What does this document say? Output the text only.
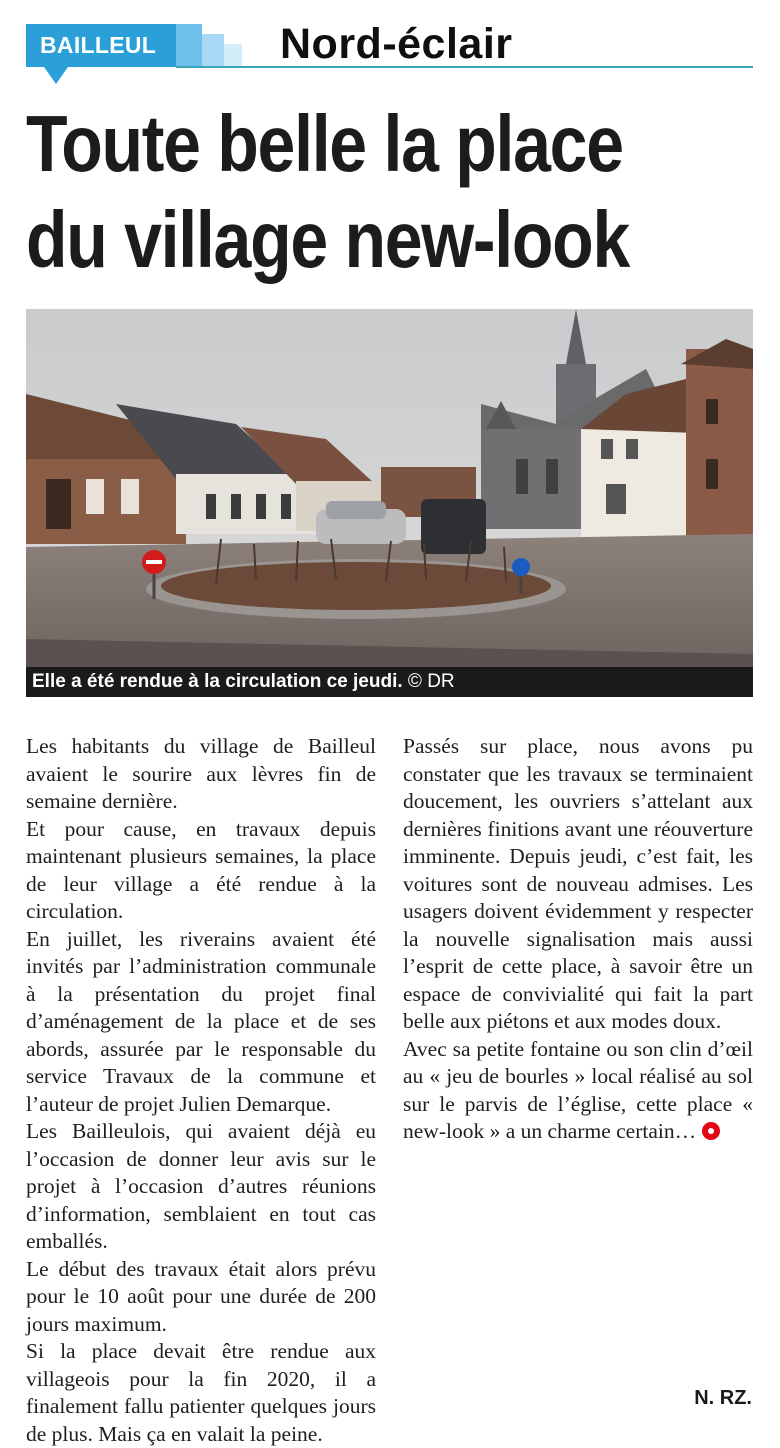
BAILLEUL	Nord-éclair
Toute belle la place du village new-look
Elle a été rendue à la circulation ce jeudi. © DR

Les habitants du village de Bailleul avaient le sourire aux lèvres fin de semaine dernière.

Et pour cause, en travaux depuis maintenant plusieurs semaines, la place de leur village a été rendue à la circulation.

En juillet, les riverains avaient été invités par l’administration communale à la présentation du projet final d’aménagement de la place et de ses abords, assurée par le responsable du service Travaux de la commune et l’auteur de projet Julien Demarque.

Les Bailleulois, qui avaient déjà eu l’occasion de donner leur avis sur le projet à l’occasion d’autres réunions d’information, semblaient en tout cas emballés.

Le début des travaux était alors prévu pour le 10 août pour une durée de 200 jours maximum.

Si la place devait être rendue aux villageois pour la fin 2020, il a finalement fallu patienter quelques jours de plus. Mais ça en valait la peine.

Passés sur place, nous avons pu constater que les travaux se terminaient doucement, les ouvriers s’attelant aux dernières finitions avant une réouverture imminente. Depuis jeudi, c’est fait, les voitures sont de nouveau admises. Les usagers doivent évidemment y respecter la nouvelle signalisation mais aussi l’esprit de cette place, à savoir être un espace de convivialité qui fait la part belle aux piétons et aux modes doux.

Avec sa petite fontaine ou son clin d’œil au « jeu de bourles » local réalisé au sol sur le parvis de l’église, cette place « new-look » a un charme certain…

N. RZ.
